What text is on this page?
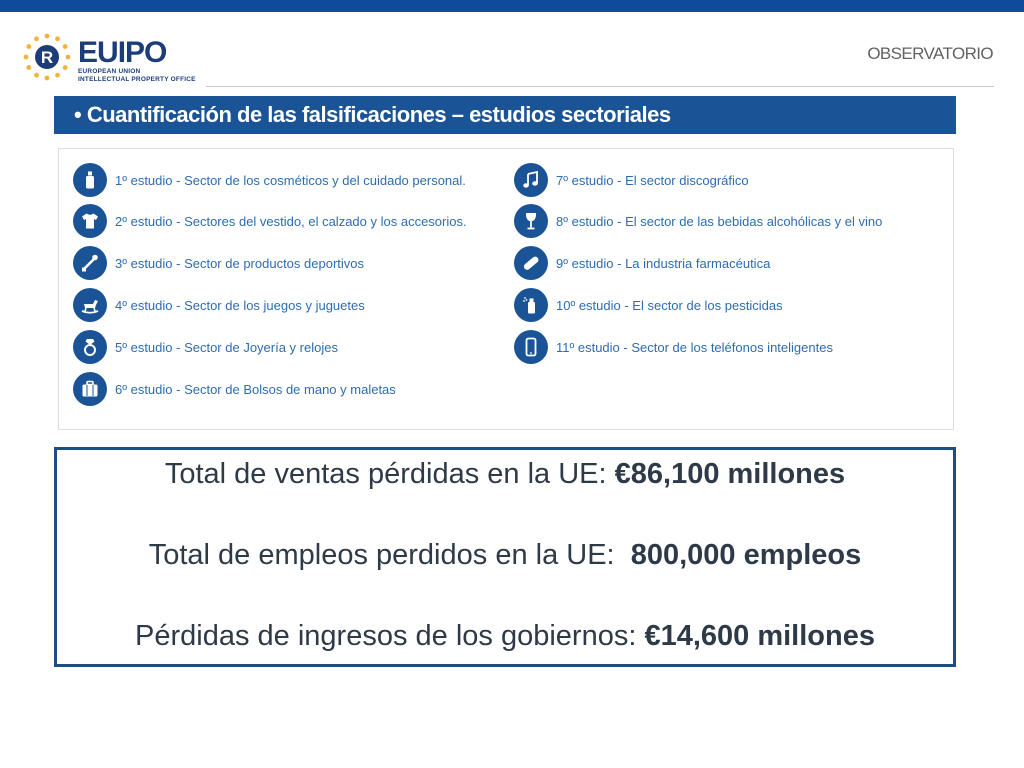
R EUIPO
EUROPEAN UNION
INTELLECTUAL PROPERTY OFFICE
OBSERVATORIO
• Cuantificación de las falsificaciones – estudios sectoriales
1º estudio - Sector de los cosméticos y del cuidado personal.
2º estudio - Sectores del vestido, el calzado y los accesorios.
3º estudio - Sector de productos deportivos
4º estudio - Sector de los juegos y juguetes
5º estudio - Sector de Joyería y relojes
6º estudio - Sector de Bolsos de mano y maletas
7º estudio - El sector discográfico
8º estudio - El sector de las bebidas alcohólicas y el vino
9º estudio - La industria farmacéutica
10º estudio - El sector de los pesticidas
11º estudio - Sector de los teléfonos inteligentes
Total de ventas pérdidas en la UE: €86,100 millones
Total de empleos perdidos en la UE:  800,000 empleos
Pérdidas de ingresos de los gobiernos: €14,600 millones
